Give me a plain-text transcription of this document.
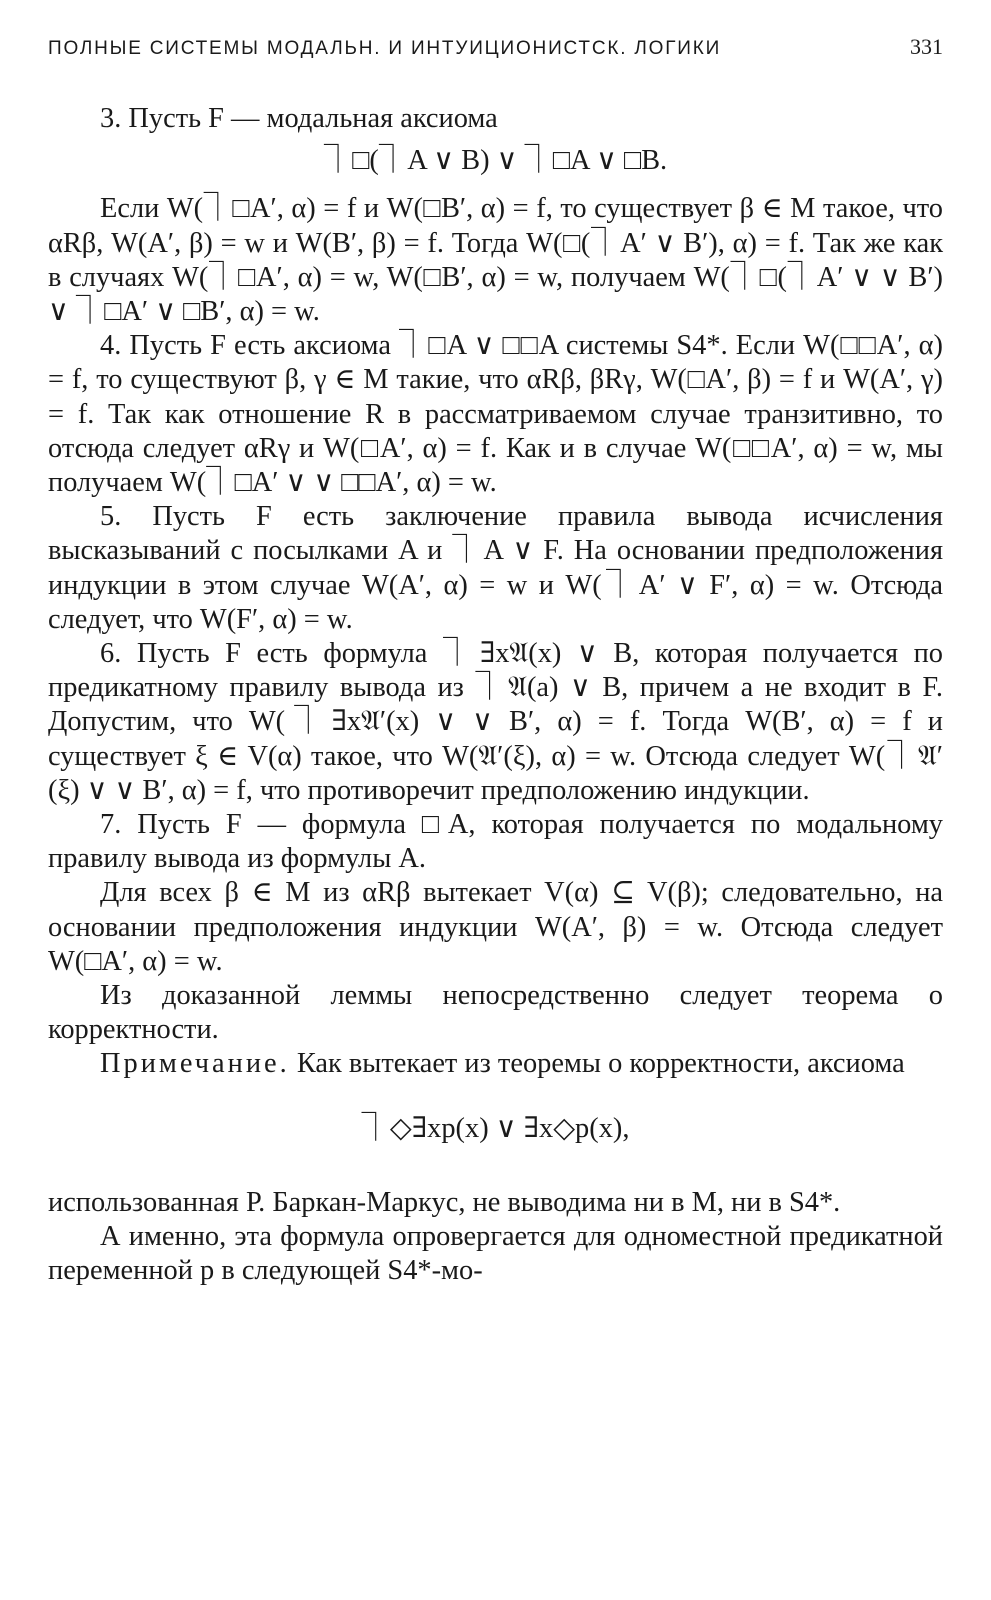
ПОЛНЫЕ СИСТЕМЫ МОДАЛЬН. И ИНТУИЦИОНИСТСК. ЛОГИКИ	331

3. Пусть F — модальная аксиома

⏋□(⏋A ∨ B) ∨ ⏋□A ∨ □B.

Если W(⏋□A′, α) = f и W(□B′, α) = f, то существует β ∈ M такое, что αRβ, W(A′, β) = w и W(B′, β) = f. Тогда W(□(⏋A′ ∨ B′), α) = f. Так же как в случаях W(⏋□A′, α) = w, W(□B′, α) = w, получаем W(⏋□(⏋A′ ∨ ∨ B′) ∨ ⏋□A′ ∨ □B′, α) = w.

4. Пусть F есть аксиома ⏋□A ∨ □□A системы S4*. Если W(□□A′, α) = f, то существуют β, γ ∈ M такие, что αRβ, βRγ, W(□A′, β) = f и W(A′, γ) = f. Так как отношение R в рассматриваемом случае транзитивно, то отсюда следует αRγ и W(□A′, α) = f. Как и в случае W(□□A′, α) = w, мы получаем W(⏋□A′ ∨ ∨ □□A′, α) = w.

5. Пусть F есть заключение правила вывода исчисления высказываний с посылками A и ⏋A ∨ F. На основании предположения индукции в этом случае W(A′, α) = w и W(⏋A′ ∨ F′, α) = w. Отсюда следует, что W(F′, α) = w.

6. Пусть F есть формула ⏋∃x𝔄(x) ∨ B, которая получается по предикатному правилу вывода из ⏋𝔄(a) ∨ B, причем a не входит в F. Допустим, что W(⏋∃x𝔄′(x) ∨ ∨ B′, α) = f. Тогда W(B′, α) = f и существует ξ ∈ V(α) такое, что W(𝔄′(ξ), α) = w. Отсюда следует W(⏋𝔄′(ξ) ∨ ∨ B′, α) = f, что противоречит предположению индукции.

7. Пусть F — формула □A, которая получается по модальному правилу вывода из формулы A.

Для всех β ∈ M из αRβ вытекает V(α) ⊆ V(β); следовательно, на основании предположения индукции W(A′, β) = w. Отсюда следует W(□A′, α) = w.

Из доказанной леммы непосредственно следует теорема о корректности.

Примечание. Как вытекает из теоремы о корректности, аксиома

⏋◇∃xp(x) ∨ ∃x◇p(x),

использованная Р. Баркан-Маркус, не выводима ни в M, ни в S4*.

А именно, эта формула опровергается для одноместной предикатной переменной p в следующей S4*-мо-
